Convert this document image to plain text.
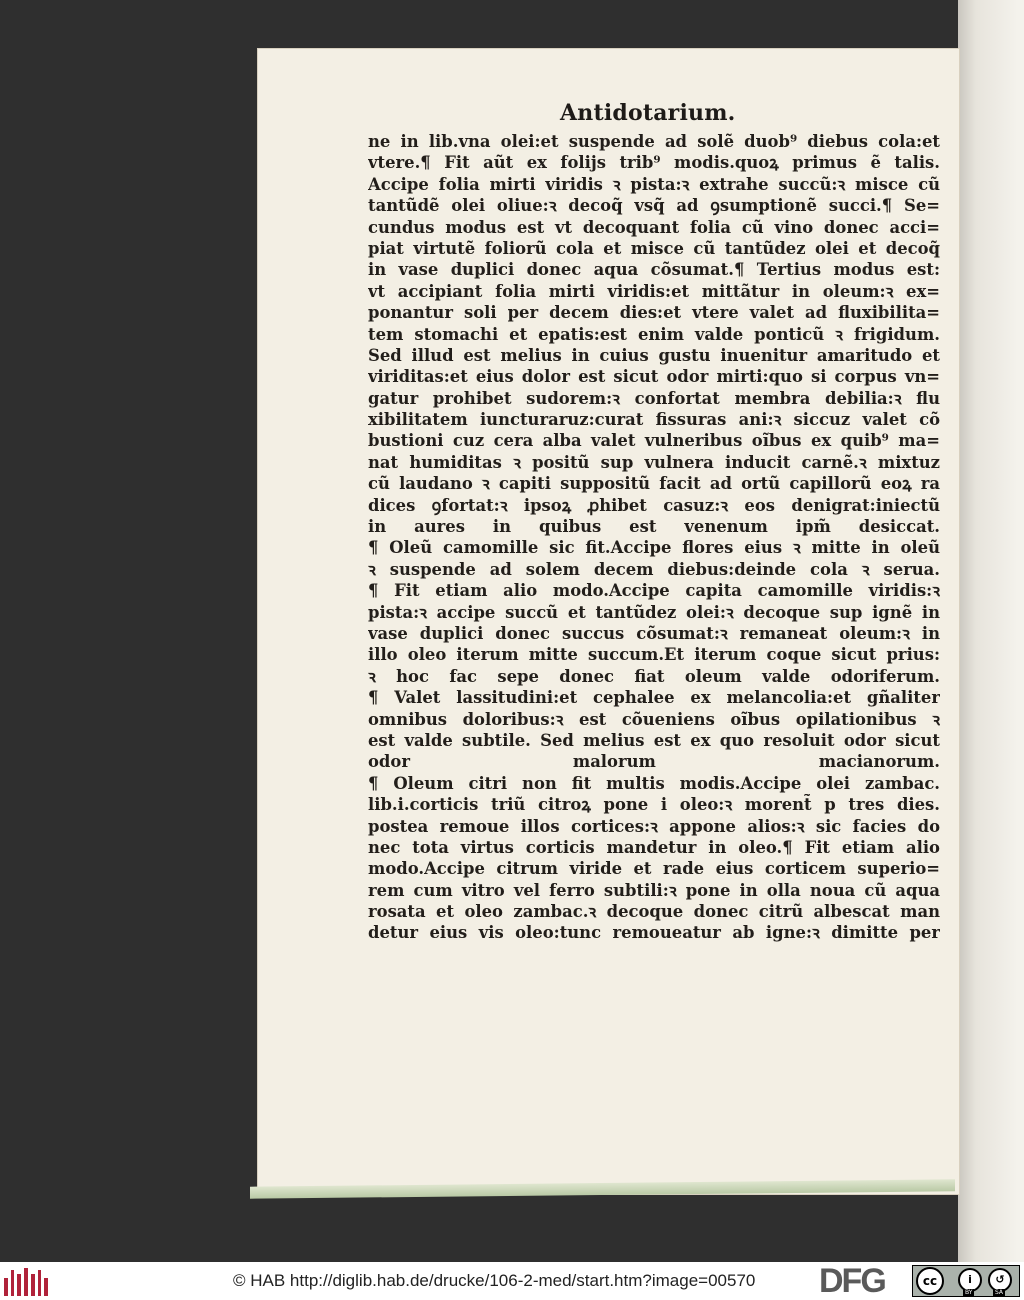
Antidotarium.
ne in lib.vna olei:et suspende ad solẽ duob⁹ diebus cola:et
vtere.¶ Fit aũt ex folijs trib⁹ modis.quoꝝ primus ẽ talis.
Accipe folia mirti viridis ꝛ pista:ꝛ extrahe succũ:ꝛ misce cũ
tantũdẽ olei oliue:ꝛ decoq̃ vsq̃ ad ꝯsumptionẽ succi.¶ Se=
cundus modus est vt decoquant folia cũ vino donec acci=
piat virtutẽ foliorũ cola et misce cũ tantũdez olei et decoq̃
in vase duplici donec aqua cõsumat.¶ Tertius modus est:
vt accipiant folia mirti viridis:et mittãtur in oleum:ꝛ ex=
ponantur soli per decem dies:et vtere valet ad fluxibilita=
tem stomachi et epatis:est enim valde ponticũ ꝛ frigidum.
Sed illud est melius in cuius gustu inuenitur amaritudo et
viriditas:et eius dolor est sicut odor mirti:quo si corpus vn=
gatur prohibet sudorem:ꝛ confortat membra debilia:ꝛ flu
xibilitatem iuncturaruz:curat fissuras ani:ꝛ siccuz valet cõ
bustioni cuz cera alba valet vulneribus oĩbus ex quib⁹ ma=
nat humiditas ꝛ positũ sup vulnera inducit carnẽ.ꝛ mixtuz
cũ laudano ꝛ capiti suppositũ facit ad ortũ capillorũ eoꝝ ra
dices ꝯfortat:ꝛ ipsoꝝ ꝓhibet casuz:ꝛ eos denigrat:iniectũ
in aures in quibus est venenum ipm̃ desiccat.
¶ Oleũ camomille sic fit.Accipe flores eius ꝛ mitte in oleũ
ꝛ suspende ad solem decem diebus:deinde cola ꝛ serua.
¶ Fit etiam alio modo.Accipe capita camomille viridis:ꝛ
pista:ꝛ accipe succũ et tantũdez olei:ꝛ decoque sup ignẽ in
vase duplici donec succus cõsumat:ꝛ remaneat oleum:ꝛ in
illo oleo iterum mitte succum.Et iterum coque sicut prius:
ꝛ hoc fac sepe donec fiat oleum valde odoriferum.
¶ Valet lassitudini:et cephalee ex melancolia:et gñaliter
omnibus doloribus:ꝛ est cõueniens oĩbus opilationibus ꝛ
est valde subtile. Sed melius est ex quo resoluit odor sicut
odor malorum macianorum.
¶ Oleum citri non fit multis modis.Accipe olei zambac.
lib.i.corticis triũ citroꝝ pone i oleo:ꝛ morent̃ p tres dies.
postea remoue illos cortices:ꝛ appone alios:ꝛ sic facies do
nec tota virtus corticis mandetur in oleo.¶ Fit etiam alio
modo.Accipe citrum viride et rade eius corticem superio=
rem cum vitro vel ferro subtili:ꝛ pone in olla noua cũ aqua
rosata et oleo zambac.ꝛ decoque donec citrũ albescat man
detur eius vis oleo:tunc remoueatur ab igne:ꝛ dimitte per
© HAB http://diglib.hab.de/drucke/106-2-med/start.htm?image=00570 DFG	cc	i	↺
BY	SA
